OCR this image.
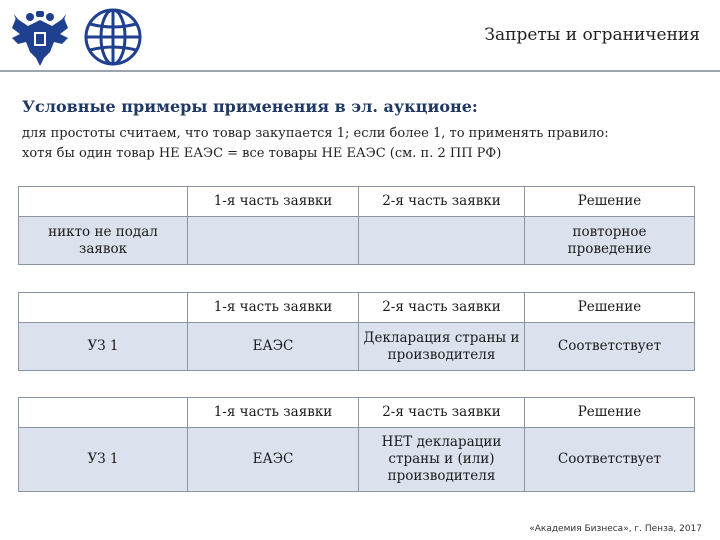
Запреты и ограничения
Условные примеры применения в эл. аукционе:
для простоты считаем, что товар закупается 1; если более 1, то применять правило:
хотя бы один товар НЕ ЕАЭС = все товары НЕ ЕАЭС (см. п. 2 ПП РФ)
	1-я часть заявки	2-я часть заявки	Решение
никто не подал заявок			повторное проведение
	1-я часть заявки	2-я часть заявки	Решение
УЗ 1	ЕАЭС	Декларация страны и производителя	Соответствует
	1-я часть заявки	2-я часть заявки	Решение
УЗ 1	ЕАЭС	НЕТ декларации страны и (или) производителя	Соответствует
«Академия Бизнеса», г. Пенза, 2017
